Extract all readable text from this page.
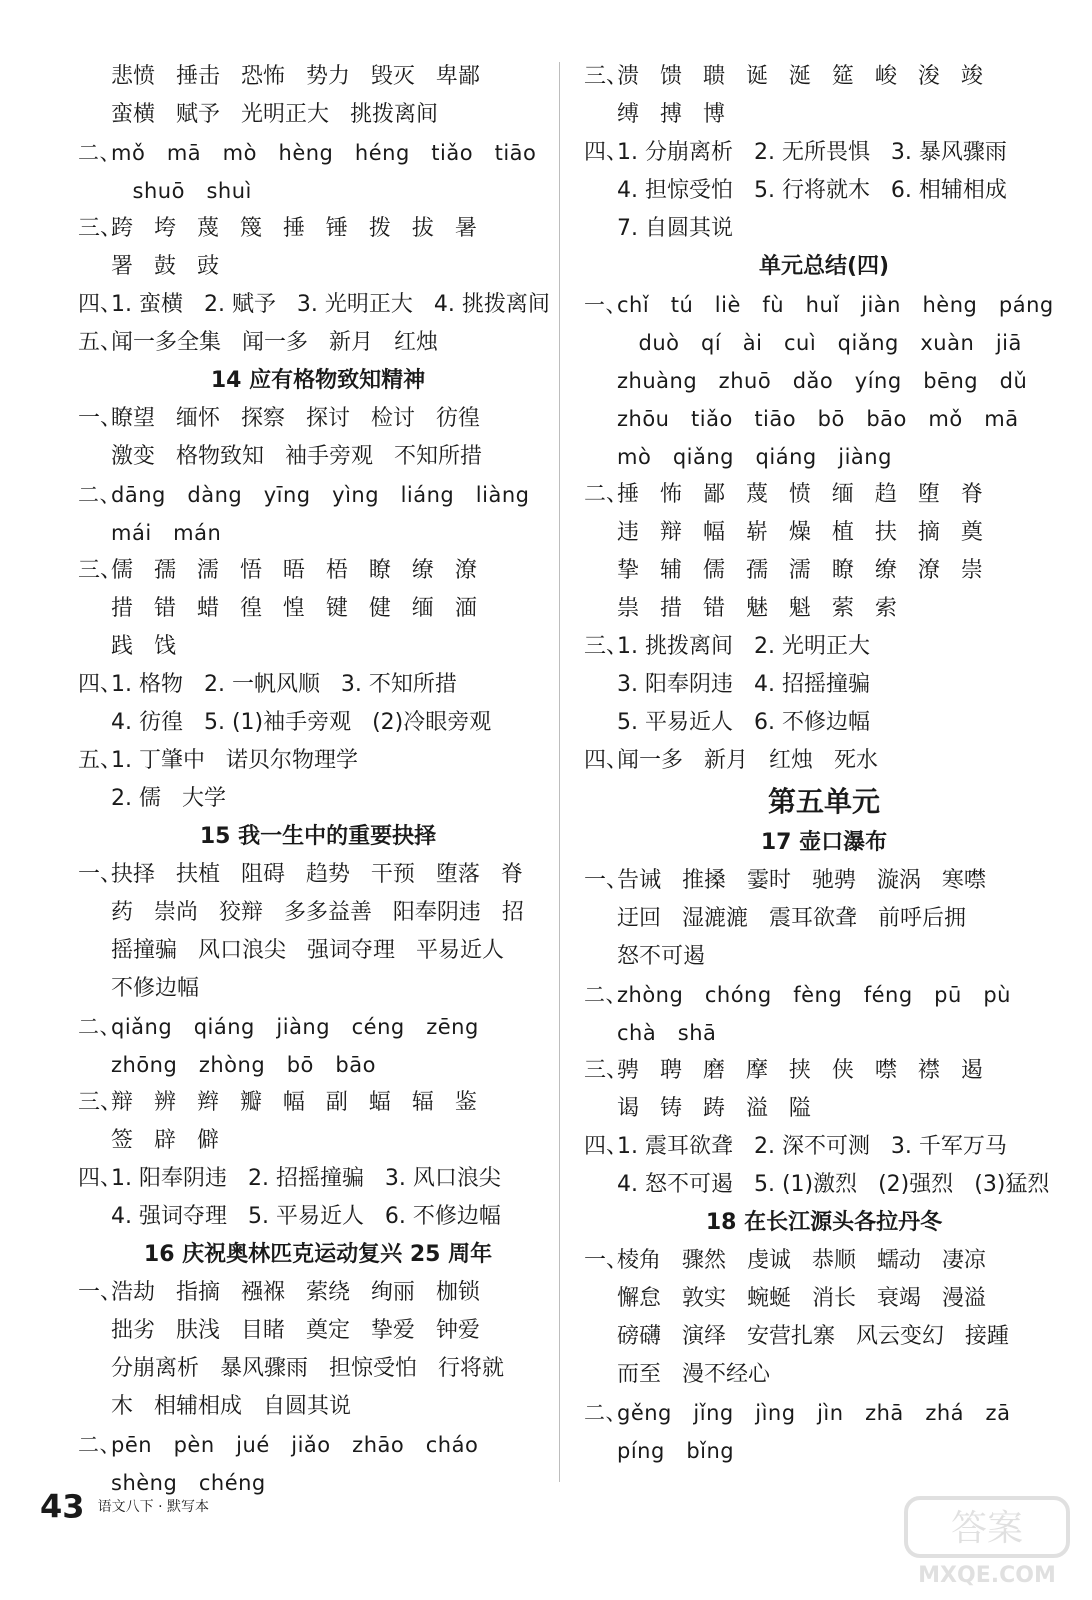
悲愤   捶击   恐怖   势力   毁灭   卑鄙
蛮横   赋予   光明正大   挑拨离间
二、mǒ   mā   mò   hèng   héng   tiǎo   tiāo
shuō   shuì
三、跨   垮   蔑   篾   捶   锤   拨   拔   暑
署   鼓   豉
四、1. 蛮横   2. 赋予   3. 光明正大   4. 挑拨离间
五、闻一多全集   闻一多   新月   红烛
14 应有格物致知精神
一、瞭望   缅怀   探察   探讨   检讨   彷徨
激变   格物致知   袖手旁观   不知所措
二、dāng   dàng   yīng   yìng   liáng   liàng
mái   mán
三、儒   孺   濡   悟   晤   梧   瞭   缭   潦
措   错   蜡   徨   惶   键   健   缅   湎
践   饯
四、1. 格物   2. 一帆风顺   3. 不知所措
4. 彷徨   5. (1)袖手旁观   (2)冷眼旁观
五、1. 丁肇中   诺贝尔物理学
2. 儒   大学
15 我一生中的重要抉择
一、抉择   扶植   阻碍   趋势   干预   堕落   脊
药   崇尚   狡辩   多多益善   阳奉阴违   招
摇撞骗   风口浪尖   强词夺理   平易近人
不修边幅
二、qiǎng   qiáng   jiàng   céng   zēng
zhōng   zhòng   bō   bāo
三、辩   辨   辫   瓣   幅   副   蝠   辐   鉴
签   辟   僻
四、1. 阳奉阴违   2. 招摇撞骗   3. 风口浪尖
4. 强词夺理   5. 平易近人   6. 不修边幅
16 庆祝奥林匹克运动复兴 25 周年
一、浩劫   指摘   襁褓   萦绕   绚丽   枷锁
拙劣   肤浅   目睹   奠定   挚爱   钟爱
分崩离析   暴风骤雨   担惊受怕   行将就
木   相辅相成   自圆其说
二、pēn   pèn   jué   jiǎo   zhāo   cháo
shèng   chéng
三、溃   馈   聩   诞   涎   筵   峻   浚   竣
缚   搏   博
四、1. 分崩离析   2. 无所畏惧   3. 暴风骤雨
4. 担惊受怕   5. 行将就木   6. 相辅相成
7. 自圆其说
单元总结(四)
一、chǐ   tú   liè   fù   huǐ   jiàn   hèng   páng
duò   qí   ài   cuì   qiǎng   xuàn   jiā
zhuàng   zhuō   dǎo   yíng   bēng   dǔ
zhōu   tiǎo   tiāo   bō   bāo   mǒ   mā
mò   qiǎng   qiáng   jiàng
二、捶   怖   鄙   蔑   愤   缅   趋   堕   脊
违   辩   幅   崭   燥   植   扶   摘   奠
挚   辅   儒   孺   濡   瞭   缭   潦   崇
祟   措   错   魅   魁   萦   索
三、1. 挑拨离间   2. 光明正大
3. 阳奉阴违   4. 招摇撞骗
5. 平易近人   6. 不修边幅
四、闻一多   新月   红烛   死水
第五单元
17 壶口瀑布
一、告诫   推搡   霎时   驰骋   漩涡   寒噤
迂回   湿漉漉   震耳欲聋   前呼后拥
怒不可遏
二、zhòng   chóng   fèng   féng   pū   pù
chà   shā
三、骋   聘   磨   摩   挟   侠   噤   襟   遏
谒   铸   踌   溢   隘
四、1. 震耳欲聋   2. 深不可测   3. 千军万马
4. 怒不可遏   5. (1)激烈   (2)强烈   (3)猛烈
18 在长江源头各拉丹冬
一、棱角   骤然   虔诚   恭顺   蠕动   凄凉
懈怠   敦实   蜿蜒   消长   衰竭   漫溢
磅礴   演绎   安营扎寨   风云变幻   接踵
而至   漫不经心
二、gěng   jǐng   jìng   jìn   zhā   zhá   zā
píng   bǐng
43 语文八下 · 默写本
答案
MXQE.COM
